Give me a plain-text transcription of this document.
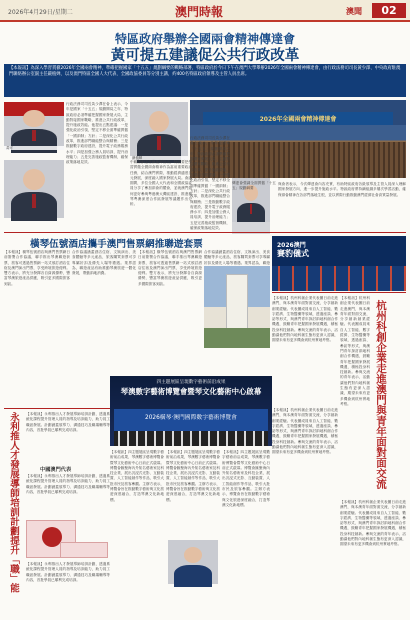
2026年4月29日/星期二	澳門時報	澳聞	02
特區政府舉辦全國兩會精神傳達會
黃可提五建議促公共行政改革
【本報訊】為深入學習貫徹2026年全國兩會精神，準確把握國家「十五五」規劃綱要的戰略部署，特區政府於今日下午在澳門大學舉辦2026年全國兩會精神傳達會，由行政法務司司長黃少澤、中央政府駐澳門聯絡辦公室副主任嚴植婵，以及澳門特區全國人大代表、全國政協委員等分別主講，約400名特區政府領導及主管人員出席。
黃可
嚴植婵
2026年全國兩會精神傳達會
傳達會強調全面貫徹「十五五」規劃綱要
行政法務司司長黃少澤在會上表示，今年是國家「十五五」規劃開局之年，特區政府必須準確把握國家發展大局，主動對接國家戰略，推進公共行政改革，提升施政效能。他提出五點建議：一是強化政治引領，堅定不移全面準確貫徹「一國兩制」方針；二是深化公共行政改革，推進部門職能整合與精簡；三是推動數字政府建設，提升電子政務服務水平；四是加強公務人員培訓，提升治理能力；五是完善施政監督機制，確保政策落地見效。	中聯辦副主任嚴植婵指出，特區要把學習貫徹全國兩會精神作為當前重要政治任務，結合澳門實際，推動經濟適度多元發展，深度融入國家發展大局。會議期間，多位全國人大代表和全國政協委員分享了參加兩會的體會，並就澳門如何更好參與粵港澳大灣區建設、推進橫琴粵澳深度合作區發展等議題作出分析。
行政法務司司長黃少澤在會上表示，今年是國家「十五五」規劃開局之年，特區政府必須準確把握國家發展大局，主動對接國家戰略，推進公共行政改革，提升施政效能。他提出五點建議：一是強化政治引領，堅定不移全面準確貫徹「一國兩制」方針；二是深化公共行政改革，推進部門職能整合與精簡；三是推動數字政府建設，提升電子政務服務水平；四是加強公務人員培訓，提升治理能力；五是完善施政監督機制，確保政策落地見效。
與會者表示，今次傳達會內容充實，有助特區政府各級領導及主管人員深入理解國家發展方向，進一步提升施政水平。特區政府將持續組織多層次學習活動，確保兩會精神在各部門落地生根，並以實際行動推動澳門經濟社會高質量發展。
橫琴伍號酒店攜手澳門售票網推聯遊套票
【本報訊】橫琴伍號酒店與澳門售票網日前簽署合作協議，聯手推出琴澳聯遊套票，旅客可透過售票網一站式預訂酒店住宿及澳門演出門票，享受跨境旅遊便利。雙方表示，將充分發揮各自資源優勢，豐富琴澳旅遊產品供應，吸引更多國際旅客到訪。
合作協議涵蓋酒店住宿、文娛演出、美食體驗等多元產品，旅客購買套票可享專屬折扣及優先入場等禮遇。業界認為，聯遊產品有助推動琴澳旅遊一體化發展，帶動兩地消費。
【本報訊】橫琴伍號酒店與澳門售票網日前簽署合作協議，聯手推出琴澳聯遊套票，旅客可透過售票網一站式預訂酒店住宿及澳門演出門票，享受跨境旅遊便利。雙方表示，將充分發揮各自資源優勢，豐富琴澳旅遊產品供應，吸引更多國際旅客到訪。
合作協議涵蓋酒店住宿、文娛演出、美食體驗等多元產品，旅客購買套票可享專屬折扣及優先入場等禮遇。業界認為，聯遊
2026澳門
賽豹儀式
【本報訊】杭州科創企業代表團日前走進澳門，與本澳青年面對面交流，分享創新創業經驗。代表團成員來自人工智能、數字經濟、生物醫藥等領域，透過座談、參訪等形式，與澳門青年探討兩地科創合作機遇，鼓勵青年把握國家發展機遇，積極投身科技創新。參與交流的青年表示，活動讓他們對內地科創生態有更深入認識，期望未來有更多機會到杭州實地考察。	杭州科創企業走進澳門與青年面對面交流
【本報訊】杭州科創企業代表團日前走進澳門，與本澳青年面對面交流，分享創新創業經驗。代表團成員來自人工智能、數字經濟、生物醫藥等領域，透過座談、參訪等形式，與澳門青年探討兩地科創合作機遇，鼓勵青年把握國家發展機遇，積極投身科技創新。參與交流的青年表示，活動讓他們對內地科創生態有更深入認識，期望未來有更多機會到杭州實地考察。
【本報訊】杭州科創企業代表團日前走進澳門，與本澳青年面對面交流，分享創新創業經驗。代表團成員來自人工智能、數字經濟、生物醫藥等領域，透過座談、參訪等形式，與澳門青年探討兩地科創合作機遇，鼓勵青年把握國家發展機遇，積極投身科技創新。參與交流的青年表示，活動讓他們對內地科創生態有更深入認識，期望未來有更多機會到杭州實地考察。
【本報訊】杭州科創企業代表團日前走進澳門，與本澳青年面對面交流，分享創新創業經驗。代表團成員來自人工智能、數字經濟、生物醫藥等領域，透過座談、參訪等形式，與澳門青年探討兩地科創合作機遇，鼓勵青年把握國家發展機遇，積極投身科技創新。參與交流的青年表示，活動讓他們對內地科創生態有更深入認識，期望未來有更多機會到杭州實地考察。
【本報訊】永利推出人才發展導師培訓計劃，透過系統化課程提升管理人員的指導及培訓能力，助力員工職涯發展。計劃涵蓋領導力、溝通技巧及職場輔導等內容，首批學員已順利完成培訓。
永利推人才發展導師培訓計劃提升「職」能	中國澳門代表
【本報訊】永利推出人才發展導師培訓計劃，透過系統化課程提升管理人員的指導及培訓能力，助力員工職涯發展。計劃涵蓋領導力、溝通技巧及職場輔導等內容，首批學員已順利完成培訓。
【本報訊】永利推出人才發展導師培訓計劃，透過系統化課程提升管理人員的指導及培訓能力，助力員工職涯發展。計劃涵蓋領導力、溝通技巧及職場輔導等內容，首批學員已順利完成培訓。
四主題展區呈現數字藝術前沿成果
琴澳數字藝術博覽會暨琴文化藝術中心啟幕
2026橫琴·澳門國際數字藝術博覽會
【本報訊】四主題展區呈現數字藝術前沿成果，琴澳數字藝術博覽會暨琴文化藝術中心日前正式啟幕。博覽會匯聚海內外知名藝術家及科技企業，展出沉浸式光影、互動裝置、人工智能創作等作品，吸引大批市民及旅客參觀。主辦方表示，博覽會旨在推動數字藝術與文化旅遊深度融合，打造琴澳文化新地標。
【本報訊】四主題展區呈現數字藝術前沿成果，琴澳數字藝術博覽會暨琴文化藝術中心日前正式啟幕。博覽會匯聚海內外知名藝術家及科技企業，展出沉浸式光影、互動裝置、人工智能創作等作品，吸引大批市民及旅客參觀。主辦方表示，博覽會旨在推動數字藝術與文化旅遊深度融合，打造琴澳文化新地標。
【本報訊】四主題展區呈現數字藝術前沿成果，琴澳數字藝術博覽會暨琴文化藝術中心日前正式啟幕。博覽會匯聚海內外知名藝術家及科技企業，展出沉浸式光影、互動裝置、人工智能創作等作品，吸引大批市民及旅客參觀。主辦方表示，博覽會旨在推動數字藝術與文化旅遊深度融合，打造琴澳文化新地標。
